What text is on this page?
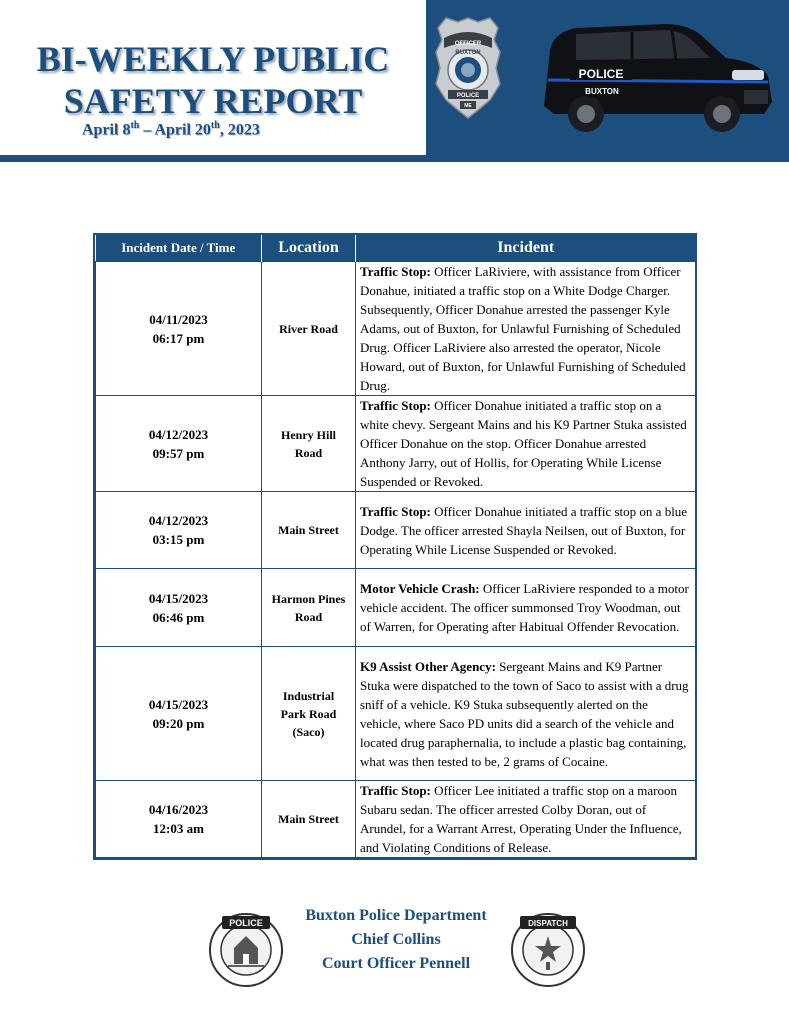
BI-WEEKLY PUBLIC
SAFETY REPORT
April 8th – April 20th, 2023
OFFICER
BUXTON
POLICE
ME
POLICE
BUXTON
Incident Date / Time	Location	Incident
04/11/2023
06:17 pm	River Road	Traffic Stop: Officer LaRiviere, with assistance from Officer Donahue, initiated a traffic stop on a White Dodge Charger. Subsequently, Officer Donahue arrested the passenger Kyle Adams, out of Buxton, for Unlawful Furnishing of Scheduled Drug. Officer LaRiviere also arrested the operator, Nicole Howard, out of Buxton, for Unlawful Furnishing of Scheduled Drug.
04/12/2023
09:57 pm	Henry Hill Road	Traffic Stop: Officer Donahue initiated a traffic stop on a white chevy. Sergeant Mains and his K9 Partner Stuka assisted Officer Donahue on the stop. Officer Donahue arrested Anthony Jarry, out of Hollis, for Operating While License Suspended or Revoked.
04/12/2023
03:15 pm	Main Street	Traffic Stop: Officer Donahue initiated a traffic stop on a blue Dodge. The officer arrested Shayla Neilsen, out of Buxton, for Operating While License Suspended or Revoked.
04/15/2023
06:46 pm	Harmon Pines Road	Motor Vehicle Crash: Officer LaRiviere responded to a motor vehicle accident. The officer summonsed Troy Woodman, out of Warren, for Operating after Habitual Offender Revocation.
04/15/2023
09:20 pm	Industrial Park Road (Saco)	K9 Assist Other Agency: Sergeant Mains and K9 Partner Stuka were dispatched to the town of Saco to assist with a drug sniff of a vehicle. K9 Stuka subsequently alerted on the vehicle, where Saco PD units did a search of the vehicle and located drug paraphernalia, to include a plastic bag containing, what was then tested to be, 2 grams of Cocaine.
04/16/2023
12:03 am	Main Street	Traffic Stop: Officer Lee initiated a traffic stop on a maroon Subaru sedan. The officer arrested Colby Doran, out of Arundel, for a Warrant Arrest, Operating Under the Influence, and Violating Conditions of Release.
POLICE	DISPATCH
Buxton Police Department
Chief Collins
Court Officer Pennell
